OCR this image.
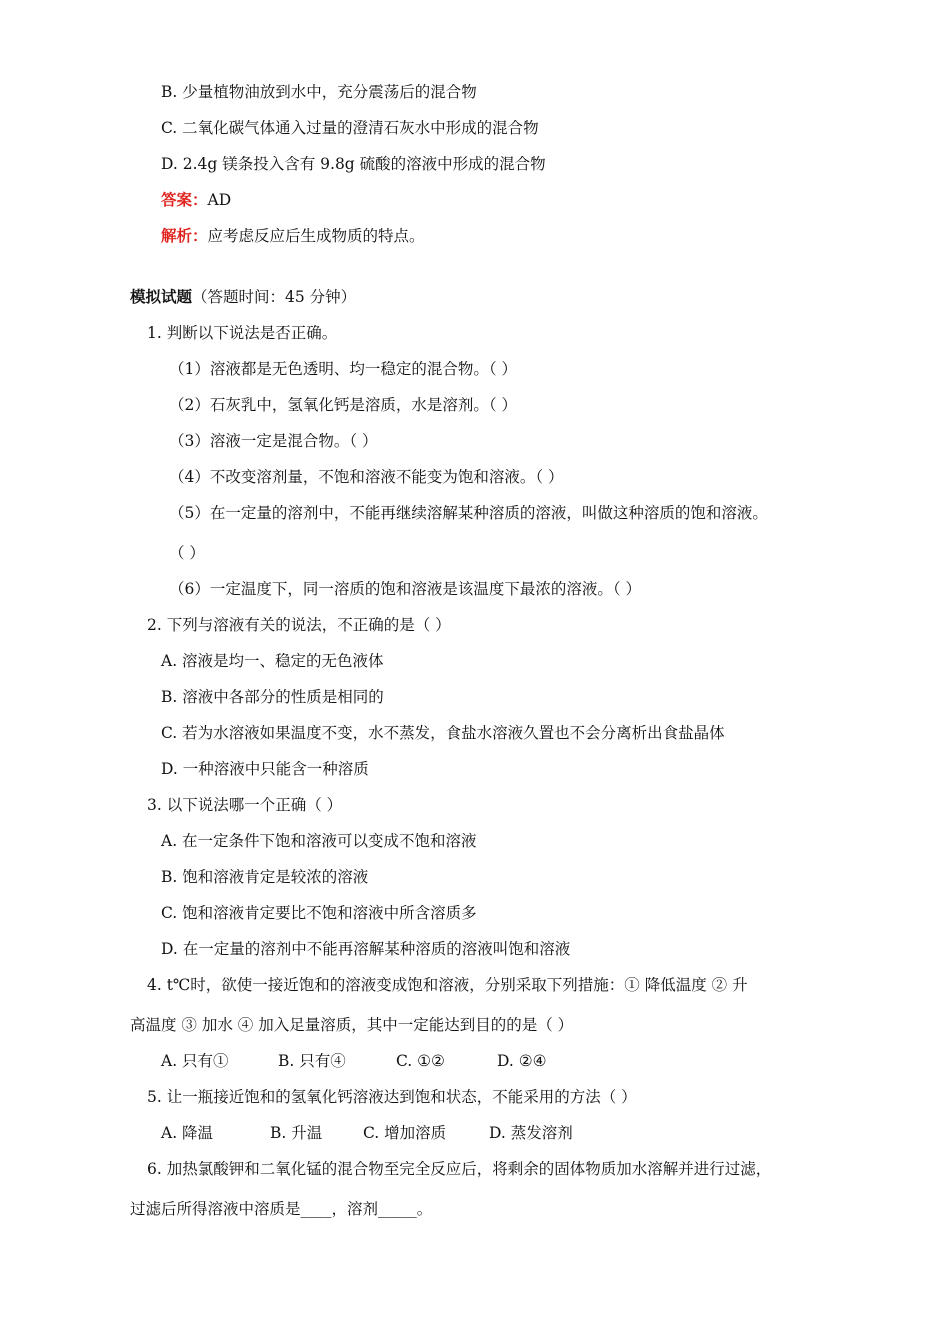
B. 少量植物油放到水中，充分震荡后的混合物
C. 二氧化碳气体通入过量的澄清石灰水中形成的混合物
D. 2.4g 镁条投入含有 9.8g 硫酸的溶液中形成的混合物
答案：AD
解析：应考虑反应后生成物质的特点。
模拟试题（答题时间：45 分钟）
1. 判断以下说法是否正确。
（1）溶液都是无色透明、均一稳定的混合物。（ ）
（2）石灰乳中，氢氧化钙是溶质，水是溶剂。（ ）
（3）溶液一定是混合物。（ ）
（4）不改变溶剂量，不饱和溶液不能变为饱和溶液。（ ）
（5）在一定量的溶剂中，不能再继续溶解某种溶质的溶液，叫做这种溶质的饱和溶液。
（ ）
（6）一定温度下，同一溶质的饱和溶液是该温度下最浓的溶液。（ ）
2. 下列与溶液有关的说法，不正确的是（ ）
A. 溶液是均一、稳定的无色液体
B. 溶液中各部分的性质是相同的
C. 若为水溶液如果温度不变，水不蒸发，食盐水溶液久置也不会分离析出食盐晶体
D. 一种溶液中只能含一种溶质
3. 以下说法哪一个正确（ ）
A. 在一定条件下饱和溶液可以变成不饱和溶液
B. 饱和溶液肯定是较浓的溶液
C. 饱和溶液肯定要比不饱和溶液中所含溶质多
D. 在一定量的溶剂中不能再溶解某种溶质的溶液叫饱和溶液
4. t℃时，欲使一接近饱和的溶液变成饱和溶液，分别采取下列措施：① 降低温度 ② 升
高温度 ③ 加水 ④ 加入足量溶质，其中一定能达到目的的是（ ）
A. 只有①	B. 只有④	C. ①②	D. ②④
5. 让一瓶接近饱和的氢氧化钙溶液达到饱和状态，不能采用的方法（ ）
A. 降温	B. 升温	C. 增加溶质	D. 蒸发溶剂
6. 加热氯酸钾和二氧化锰的混合物至完全反应后，将剩余的固体物质加水溶解并进行过滤，
过滤后所得溶液中溶质是____，溶剂_____。
